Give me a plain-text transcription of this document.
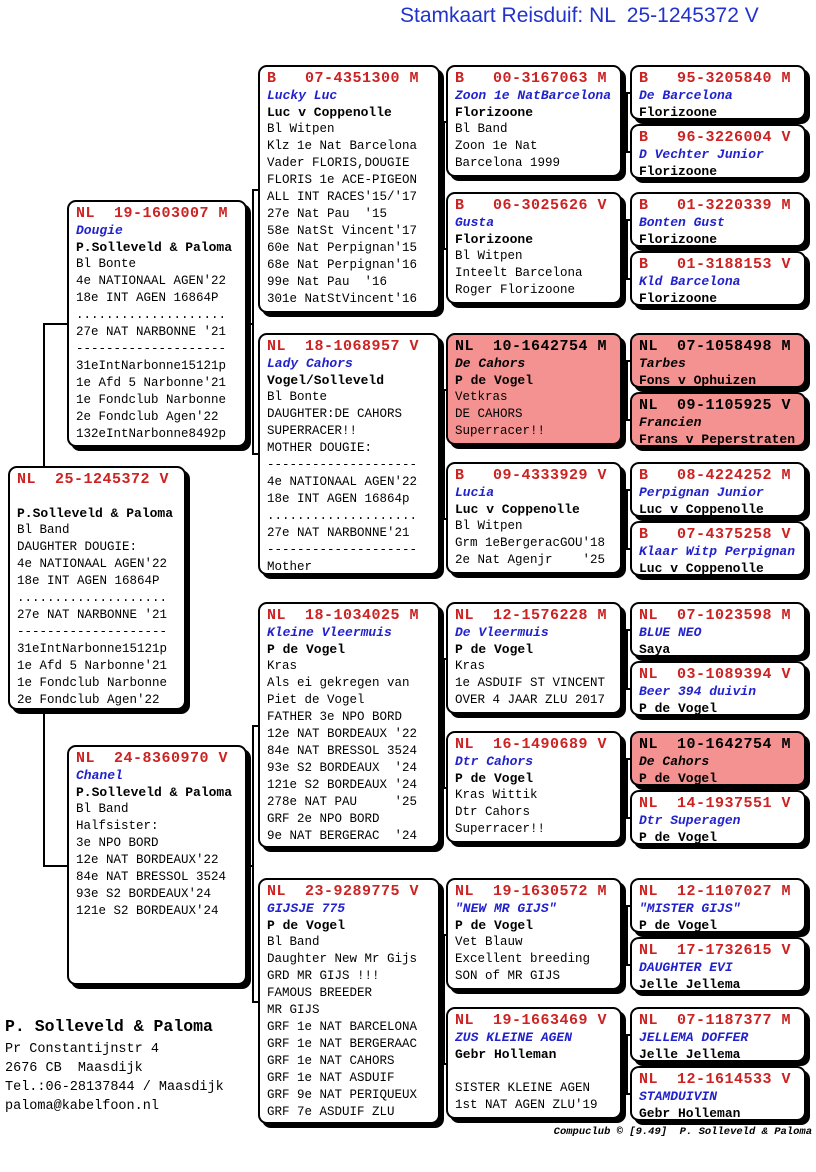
Stamkaart Reisduif: NL  25-1245372 V
NL  25-1245372 V
P.Solleveld & Paloma
Bl Band
DAUGHTER DOUGIE:
4e NATIONAAL AGEN'22
18e INT AGEN 16864P
....................
27e NAT NARBONNE '21
--------------------
31eIntNarbonne15121p
1e Afd 5 Narbonne'21
1e Fondclub Narbonne
2e Fondclub Agen'22
NL  19-1603007 M
Dougie
P.Solleveld & Paloma
Bl Bonte
4e NATIONAAL AGEN'22
18e INT AGEN 16864P
....................
27e NAT NARBONNE '21
--------------------
31eIntNarbonne15121p
1e Afd 5 Narbonne'21
1e Fondclub Narbonne
2e Fondclub Agen'22
132eIntNarbonne8492p
NL  24-8360970 V
Chanel
P.Solleveld & Paloma
Bl Band
Halfsister:
3e NPO BORD
12e NAT BORDEAUX'22
84e NAT BRESSOL 3524
93e S2 BORDEAUX'24
121e S2 BORDEAUX'24
B   07-4351300 M
Lucky Luc
Luc v Coppenolle
Bl Witpen
Klz 1e Nat Barcelona
Vader FLORIS,DOUGIE
FLORIS 1e ACE-PIGEON
ALL INT RACES'15/'17
27e Nat Pau  '15
58e NatSt Vincent'17
60e Nat Perpignan'15
68e Nat Perpignan'16
99e Nat Pau  '16
301e NatStVincent'16
NL  18-1068957 V
Lady Cahors
Vogel/Solleveld
Bl Bonte
DAUGHTER:DE CAHORS
SUPERRACER!!
MOTHER DOUGIE:
--------------------
4e NATIONAAL AGEN'22
18e INT AGEN 16864p
....................
27e NAT NARBONNE'21
--------------------
Mother
NL  18-1034025 M
Kleine Vleermuis
P de Vogel
Kras
Als ei gekregen van
Piet de Vogel
FATHER 3e NPO BORD
12e NAT BORDEAUX '22
84e NAT BRESSOL 3524
93e S2 BORDEAUX  '24
121e S2 BORDEAUX '24
278e NAT PAU     '25
GRF 2e NPO BORD
9e NAT BERGERAC  '24
NL  23-9289775 V
GIJSJE 775
P de Vogel
Bl Band
Daughter New Mr Gijs
GRD MR GIJS !!!
FAMOUS BREEDER
MR GIJS
GRF 1e NAT BARCELONA
GRF 1e NAT BERGERAAC
GRF 1e NAT CAHORS
GRF 1e NAT ASDUIF
GRF 9e NAT PERIQUEUX
GRF 7e ASDUIF ZLU
B   00-3167063 M
Zoon 1e NatBarcelona
Florizoone
Bl Band
Zoon 1e Nat
Barcelona 1999
B   06-3025626 V
Gusta
Florizoone
Bl Witpen
Inteelt Barcelona
Roger Florizoone
NL  10-1642754 M
De Cahors
P de Vogel
Vetkras
DE CAHORS
Superracer!!
B   09-4333929 V
Lucia
Luc v Coppenolle
Bl Witpen
Grm 1eBergeracGOU'18
2e Nat Agenjr    '25
NL  12-1576228 M
De Vleermuis
P de Vogel
Kras
1e ASDUIF ST VINCENT
OVER 4 JAAR ZLU 2017
NL  16-1490689 V
Dtr Cahors
P de Vogel
Kras Wittik
Dtr Cahors
Superracer!!
NL  19-1630572 M
"NEW MR GIJS"
P de Vogel
Vet Blauw
Excellent breeding
SON of MR GIJS
NL  19-1663469 V
ZUS KLEINE AGEN
Gebr Holleman

SISTER KLEINE AGEN
1st NAT AGEN ZLU'19
B   95-3205840 M
De Barcelona
Florizoone
B   96-3226004 V
D Vechter Junior
Florizoone
B   01-3220339 M
Bonten Gust
Florizoone
B   01-3188153 V
Kld Barcelona
Florizoone
NL  07-1058498 M
Tarbes
Fons v Ophuizen
NL  09-1105925 V
Francien
Frans v Peperstraten
B   08-4224252 M
Perpignan Junior
Luc v Coppenolle
B   07-4375258 V
Klaar Witp Perpignan
Luc v Coppenolle
NL  07-1023598 M
BLUE NEO
Saya
NL  03-1089394 V
Beer 394 duivin
P de Vogel
NL  10-1642754 M
De Cahors
P de Vogel
NL  14-1937551 V
Dtr Superagen
P de Vogel
NL  12-1107027 M
"MISTER GIJS"
P de Vogel
NL  17-1732615 V
DAUGHTER EVI
Jelle Jellema
NL  07-1187377 M
JELLEMA DOFFER
Jelle Jellema
NL  12-1614533 V
STAMDUIVIN
Gebr Holleman
P. Solleveld & Paloma
Pr Constantijnstr 4
2676 CB  Maasdijk
Tel.:06-28137844 / Maasdijk
paloma@kabelfoon.nl
Compuclub © [9.49]  P. Solleveld & Paloma
